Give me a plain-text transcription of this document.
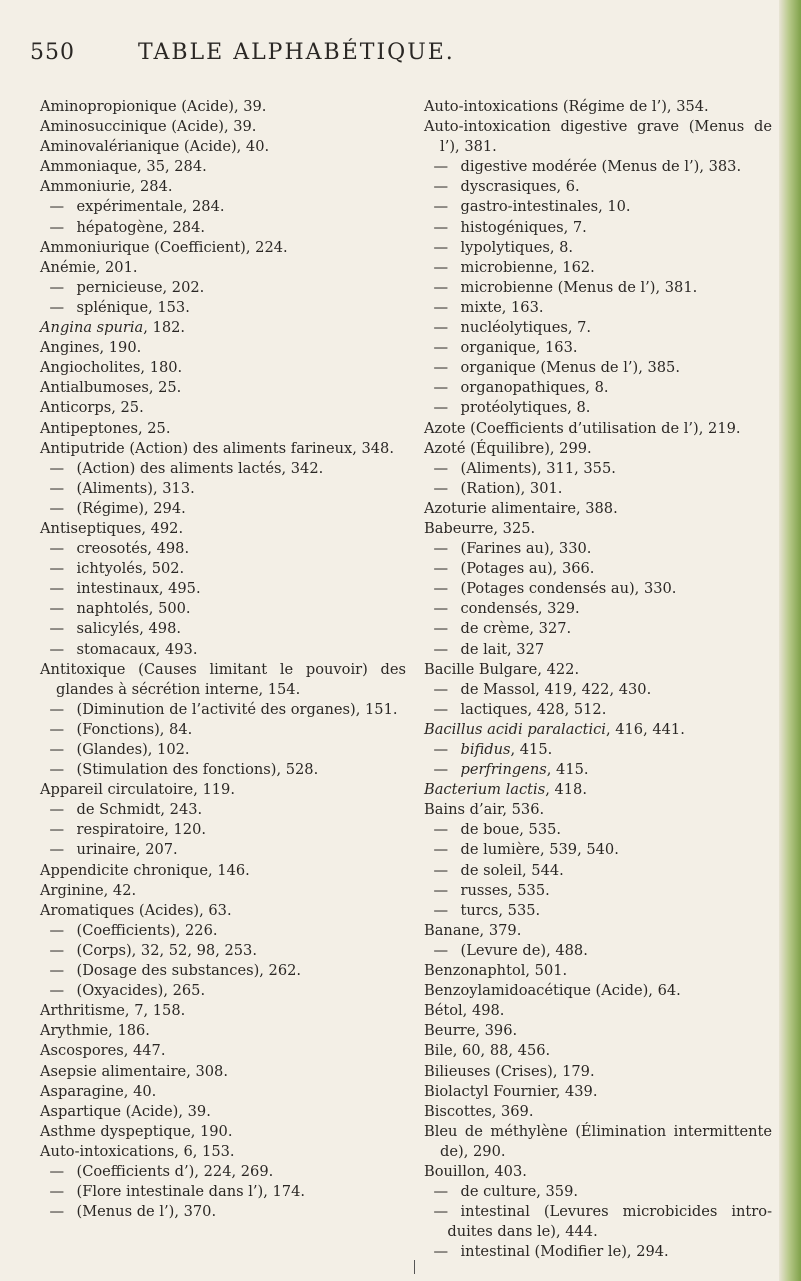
550	TABLE ALPHABÉTIQUE.

Aminopropionique (Acide), 39.

Aminosuccinique (Acide), 39.

Aminovalérianique (Acide), 40.

Ammoniaque, 35, 284.

Ammoniurie, 284.

— expérimentale, 284.

— hépatogène, 284.

Ammoniurique (Coefficient), 224.

Anémie, 201.

— pernicieuse, 202.

— splénique, 153.

Angina spuria, 182.

Angines, 190.

Angiocholites, 180.

Antialbumoses, 25.

Anticorps, 25.

Antipeptones, 25.

Antiputride (Action) des aliments farineux, 348.

— (Action) des aliments lactés, 342.

— (Aliments), 313.

— (Régime), 294.

Antiseptiques, 492.

— creosotés, 498.

— ichtyolés, 502.

— intestinaux, 495.

— naphtolés, 500.

— salicylés, 498.

— stomacaux, 493.

Antitoxique (Causes limitant le pouvoir) des glandes à sécrétion interne, 154.

— (Diminution de l’activité des organes), 151.

— (Fonctions), 84.

— (Glandes), 102.

— (Stimulation des fonctions), 528.

Appareil circulatoire, 119.

— de Schmidt, 243.

— respiratoire, 120.

— urinaire, 207.

Appendicite chronique, 146.

Arginine, 42.

Aromatiques (Acides), 63.

— (Coefficients), 226.

— (Corps), 32, 52, 98, 253.

— (Dosage des substances), 262.

— (Oxyacides), 265.

Arthritisme, 7, 158.

Arythmie, 186.

Ascospores, 447.

Asepsie alimentaire, 308.

Asparagine, 40.

Aspartique (Acide), 39.

Asthme dyspeptique, 190.

Auto-intoxications, 6, 153.

— (Coefficients d’), 224, 269.

— (Flore intestinale dans l’), 174.

— (Menus de l’), 370.

Auto-intoxications (Régime de l’), 354.

Auto-intoxication digestive grave (Menus de l’), 381.

— digestive modérée (Menus de l’), 383.

— dyscrasiques, 6.

— gastro-intestinales, 10.

— histogéniques, 7.

— lypolytiques, 8.

— microbienne, 162.

— microbienne (Menus de l’), 381.

— mixte, 163.

— nucléolytiques, 7.

— organique, 163.

— organique (Menus de l’), 385.

— organopathiques, 8.

— protéolytiques, 8.

Azote (Coefficients d’utilisation de l’), 219.

Azoté (Équilibre), 299.

— (Aliments), 311, 355.

— (Ration), 301.

Azoturie alimentaire, 388.

Babeurre, 325.

— (Farines au), 330.

— (Potages au), 366.

— (Potages condensés au), 330.

— condensés, 329.

— de crème, 327.

— de lait, 327

Bacille Bulgare, 422.

— de Massol, 419, 422, 430.

— lactiques, 428, 512.

Bacillus acidi paralactici, 416, 441.

— bifidus, 415.

— perfringens, 415.

Bacterium lactis, 418.

Bains d’air, 536.

— de boue, 535.

— de lumière, 539, 540.

— de soleil, 544.

— russes, 535.

— turcs, 535.

Banane, 379.

— (Levure de), 488.

Benzonaphtol, 501.

Benzoylamidoacétique (Acide), 64.

Bétol, 498.

Beurre, 396.

Bile, 60, 88, 456.

Bilieuses (Crises), 179.

Biolactyl Fournier, 439.

Biscottes, 369.

Bleu de méthylène (Élimination intermittente de), 290.

Bouillon, 403.

— de culture, 359.

— intestinal (Levures microbicides introduites dans le), 444.

— intestinal (Modifier le), 294.
